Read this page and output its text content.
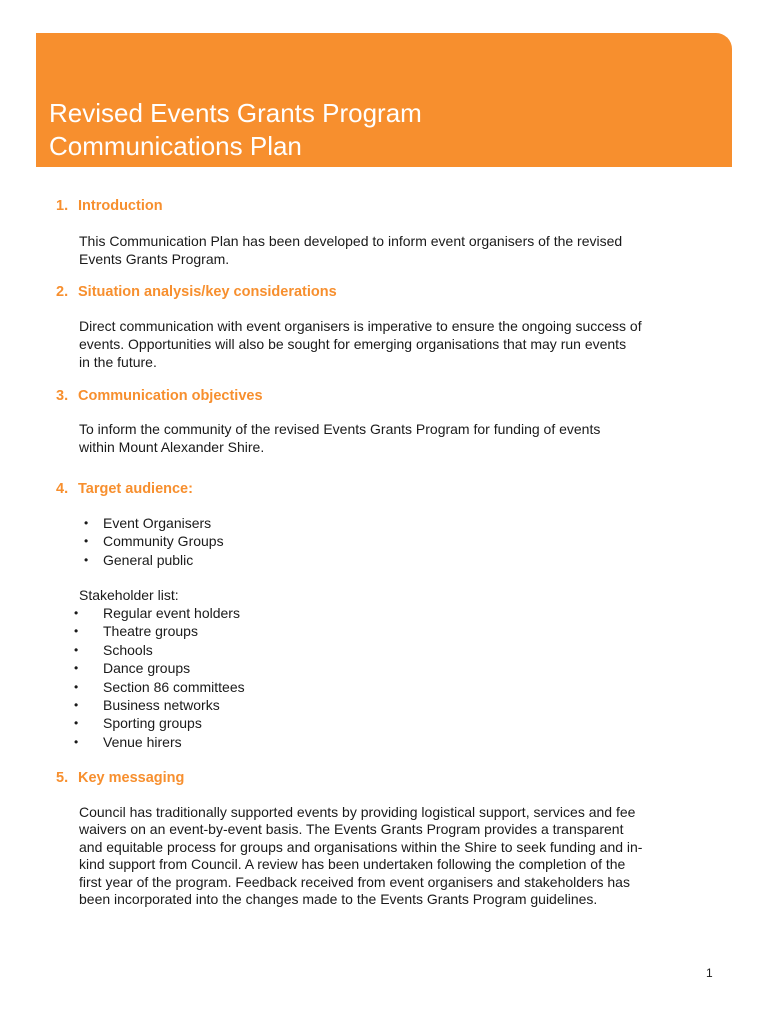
Revised Events Grants Program
Communications Plan
1. Introduction

This Communication Plan has been developed to inform event organisers of the revised
Events Grants Program.

2. Situation analysis/key considerations

Direct communication with event organisers is imperative to ensure the ongoing success of
events. Opportunities will also be sought for emerging organisations that may run events
in the future.

3. Communication objectives

To inform the community of the revised Events Grants Program for funding of events
within Mount Alexander Shire.

4. Target audience:
• Event Organisers
• Community Groups
• General public

Stakeholder list:

• Regular event holders
• Theatre groups
• Schools
• Dance groups
• Section 86 committees
• Business networks
• Sporting groups
• Venue hirers
5. Key messaging

Council has traditionally supported events by providing logistical support, services and fee
waivers on an event-by-event basis. The Events Grants Program provides a transparent
and equitable process for groups and organisations within the Shire to seek funding and in-
kind support from Council. A review has been undertaken following the completion of the
first year of the program. Feedback received from event organisers and stakeholders has
been incorporated into the changes made to the Events Grants Program guidelines.

1
